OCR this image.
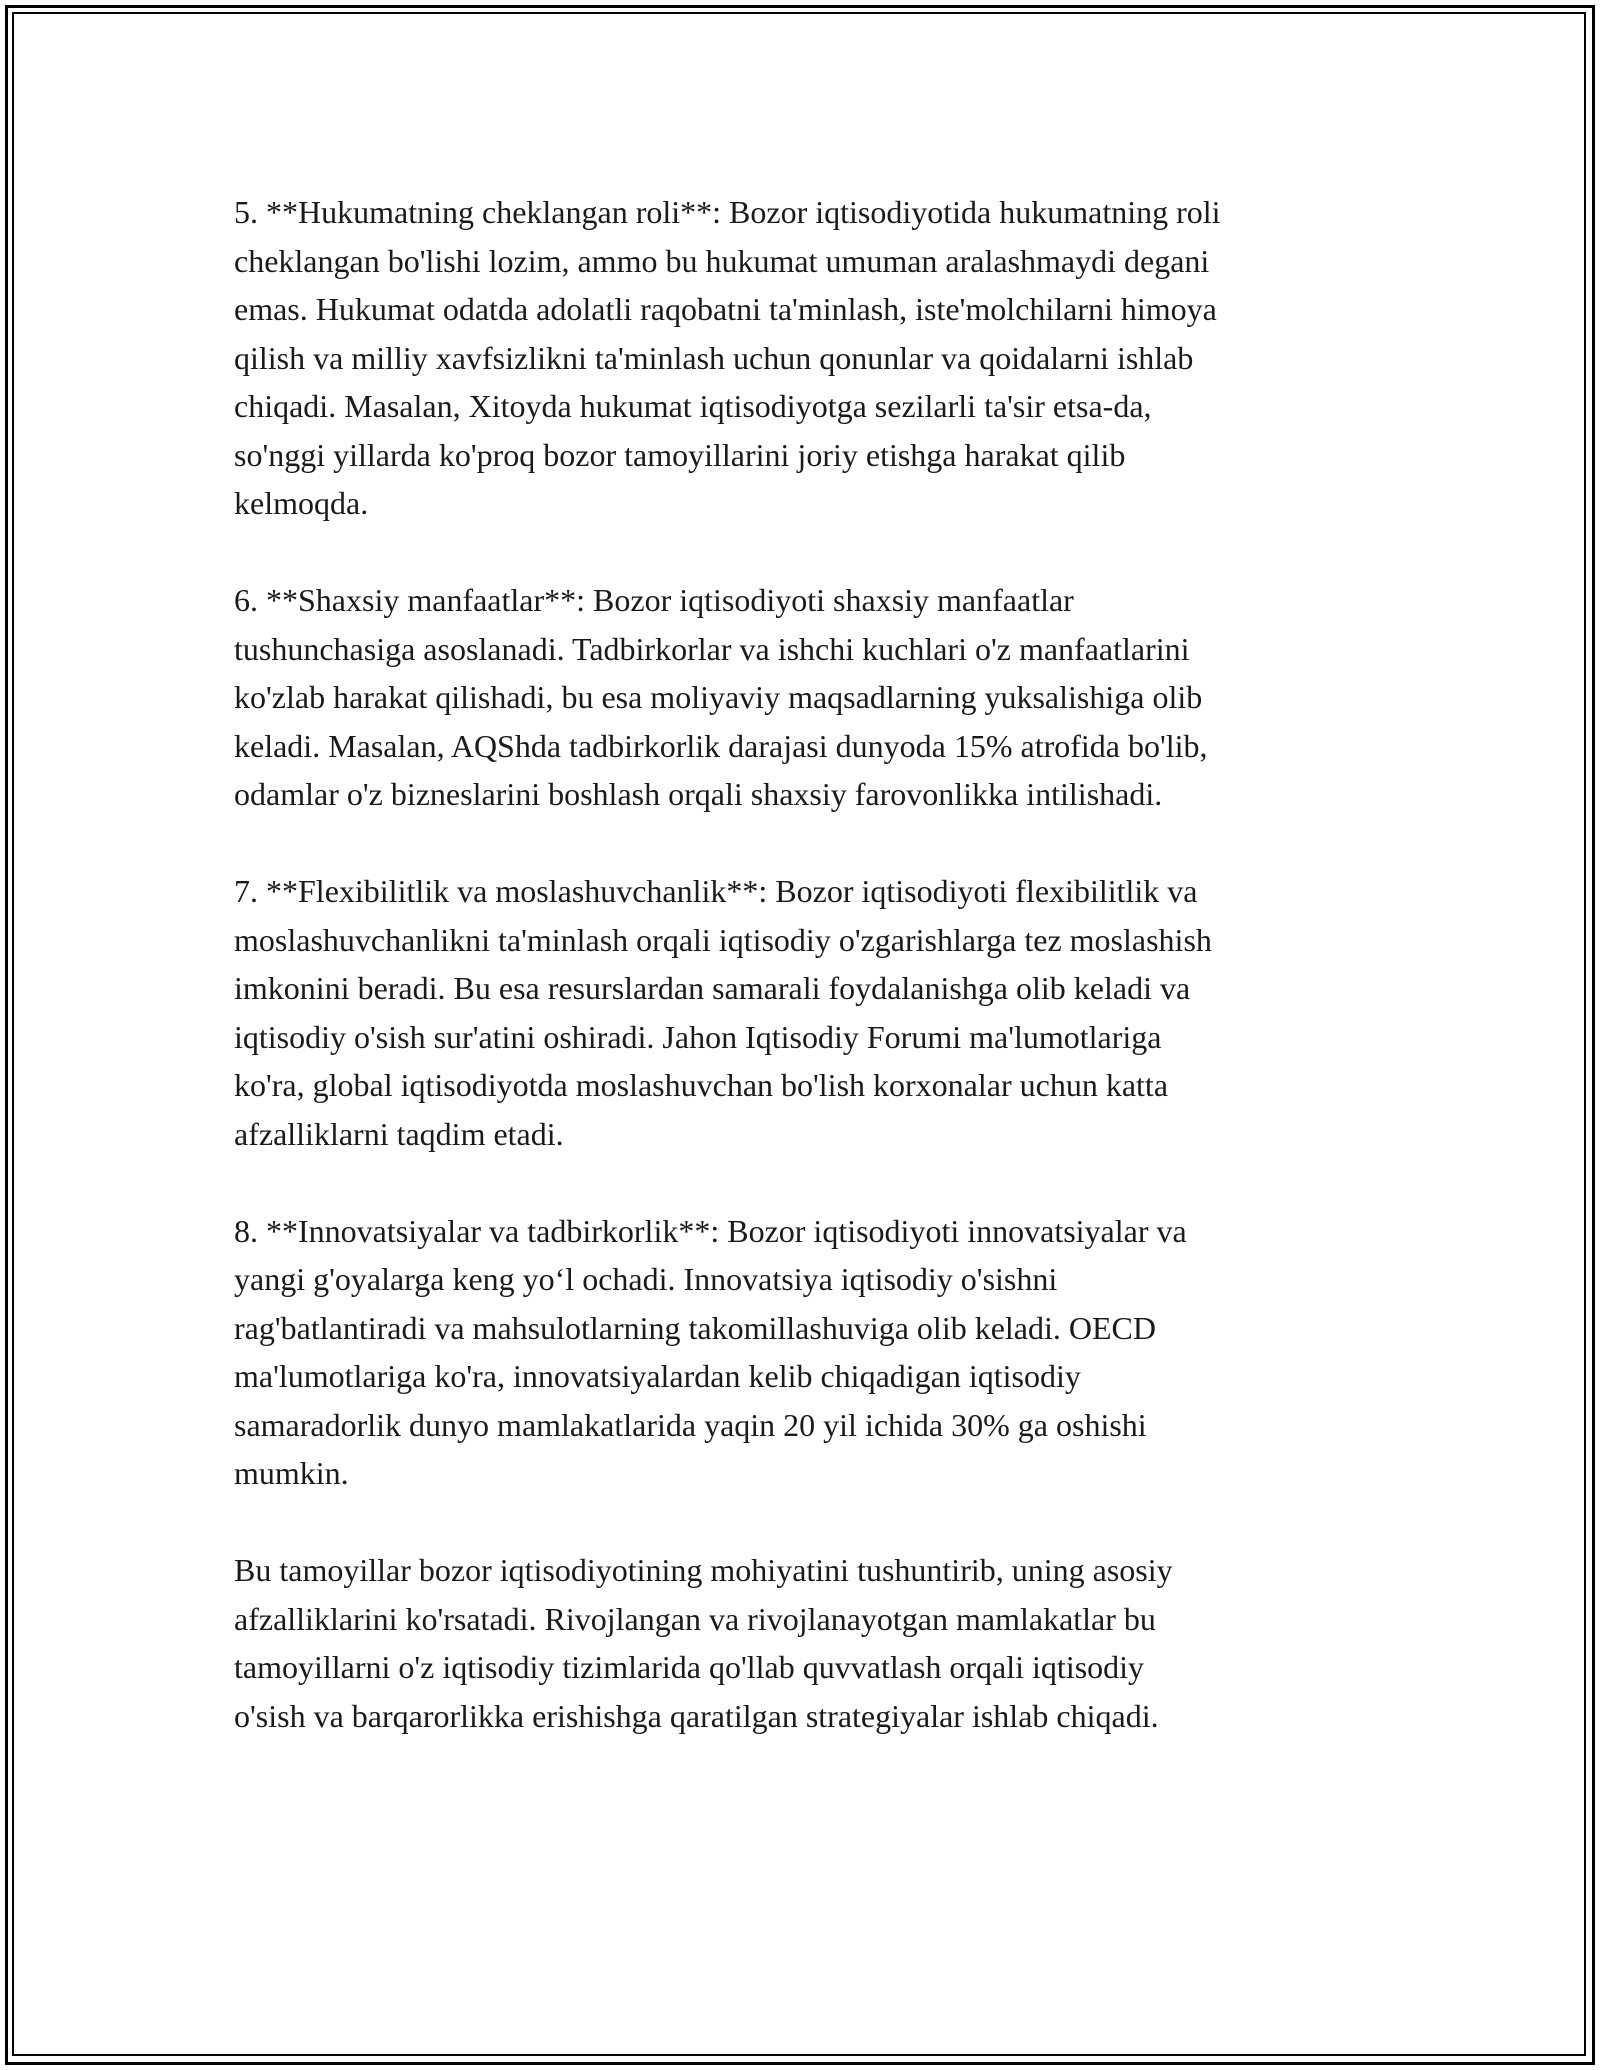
5. **Hukumatning cheklangan roli**: Bozor iqtisodiyotida hukumatning roli
cheklangan bo'lishi lozim, ammo bu hukumat umuman aralashmaydi degani
emas. Hukumat odatda adolatli raqobatni ta'minlash, iste'molchilarni himoya
qilish va milliy xavfsizlikni ta'minlash uchun qonunlar va qoidalarni ishlab
chiqadi. Masalan, Xitoyda hukumat iqtisodiyotga sezilarli ta'sir etsa-da,
so'nggi yillarda ko'proq bozor tamoyillarini joriy etishga harakat qilib
kelmoqda.

6. **Shaxsiy manfaatlar**: Bozor iqtisodiyoti shaxsiy manfaatlar
tushunchasiga asoslanadi. Tadbirkorlar va ishchi kuchlari o'z manfaatlarini
ko'zlab harakat qilishadi, bu esa moliyaviy maqsadlarning yuksalishiga olib
keladi. Masalan, AQShda tadbirkorlik darajasi dunyoda 15% atrofida bo'lib,
odamlar o'z bizneslarini boshlash orqali shaxsiy farovonlikka intilishadi.

7. **Flexibilitlik va moslashuvchanlik**: Bozor iqtisodiyoti flexibilitlik va
moslashuvchanlikni ta'minlash orqali iqtisodiy o'zgarishlarga tez moslashish
imkonini beradi. Bu esa resurslardan samarali foydalanishga olib keladi va
iqtisodiy o'sish sur'atini oshiradi. Jahon Iqtisodiy Forumi ma'lumotlariga
ko'ra, global iqtisodiyotda moslashuvchan bo'lish korxonalar uchun katta
afzalliklarni taqdim etadi.

8. **Innovatsiyalar va tadbirkorlik**: Bozor iqtisodiyoti innovatsiyalar va
yangi g'oyalarga keng yo‘l ochadi. Innovatsiya iqtisodiy o'sishni
rag'batlantiradi va mahsulotlarning takomillashuviga olib keladi. OECD
ma'lumotlariga ko'ra, innovatsiyalardan kelib chiqadigan iqtisodiy
samaradorlik dunyo mamlakatlarida yaqin 20 yil ichida 30% ga oshishi
mumkin.

Bu tamoyillar bozor iqtisodiyotining mohiyatini tushuntirib, uning asosiy
afzalliklarini ko'rsatadi. Rivojlangan va rivojlanayotgan mamlakatlar bu
tamoyillarni o'z iqtisodiy tizimlarida qo'llab quvvatlash orqali iqtisodiy
o'sish va barqarorlikka erishishga qaratilgan strategiyalar ishlab chiqadi.
